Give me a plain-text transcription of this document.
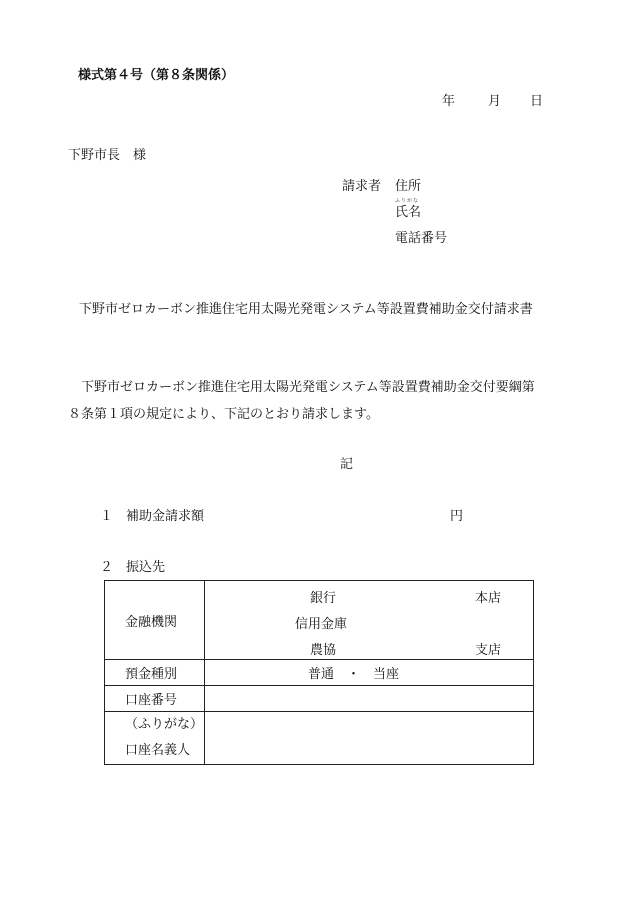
様式第４号（第８条関係）
年	月 日
下野市長　様
請求者	住所
ふりがな
氏名
電話番号
下野市ゼロカーボン推進住宅用太陽光発電システム等設置費補助金交付請求書

下野市ゼロカーボン推進住宅用太陽光発電システム等設置費補助金交付要綱第

８条第１項の規定により、下記のとおり請求します。

記
１ 補助金請求額	円
２ 振込先
金融機関	銀行 本店
信用金庫
農協 支店

預金種別	普通　・　当座
口座番号	

（ふりがな）
口座名義人	
